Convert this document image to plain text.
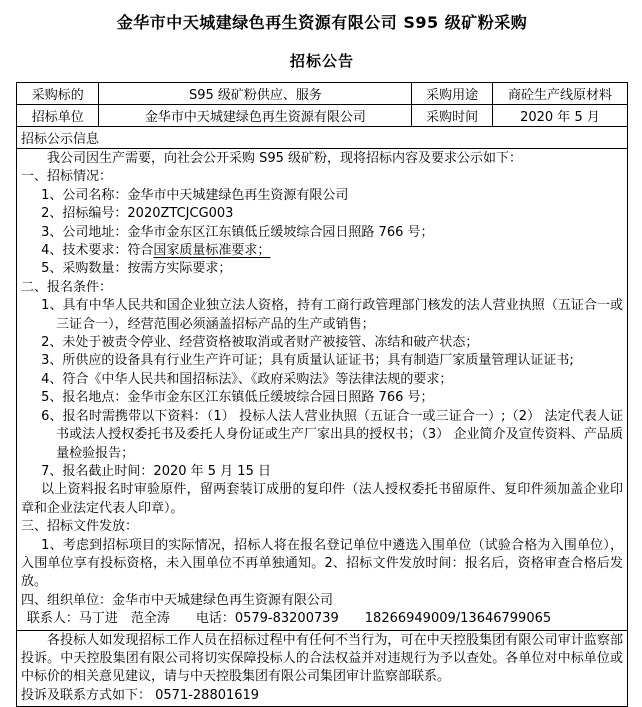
金华市中天城建绿色再生资源有限公司 S95 级矿粉采购
招标公告
采购标的	S95 级矿粉供应、服务	采购用途	商砼生产线原材料
招标单位	金华市中天城建绿色再生资源有限公司	采购时间	2020 年 5 月
招标公示信息			

我公司因生产需要，向社会公开采购 S95 级矿粉，现将招标内容及要求公示如下：

一、招标情况：

1、公司名称：金华市中天城建绿色再生资源有限公司

2、招标编号：2020ZTCJCG003

3、公司地址：金华市金东区江东镇低丘缓坡综合园日照路 766 号；

4、技术要求：符合国家质量标准要求；

5、采购数量：按需方实际要求；

二、报名条件：

1、具有中华人民共和国企业独立法人资格，持有工商行政管理部门核发的法人营业执照（五证合一或三证合一），经营范围必须涵盖招标产品的生产或销售；

2、未处于被责令停业、经营资格被取消或者财产被接管、冻结和破产状态；

3、所供应的设备具有行业生产许可证；具有质量认证证书；具有制造厂家质量管理认证证书;

4、符合《中华人民共和国招标法》、《政府采购法》等法律法规的要求；

5、报名地点：金华市金东区江东镇低丘缓坡综合园日照路 766 号；

6、报名时需携带以下资料：（1） 投标人法人营业执照（五证合一或三证合一）;（2） 法定代表人证书或法人授权委托书及委托人身份证或生产厂家出具的授权书；（3） 企业简介及宣传资料、产品质量检验报告；

7、报名截止时间：2020 年 5 月 15 日

以上资料报名时审验原件，留两套装订成册的复印件（法人授权委托书留原件、复印件须加盖企业印章和企业法定代表人印章）。

三、招标文件发放：

1、考虑到招标项目的实际情况，招标人将在报名登记单位中遴选入围单位（试验合格为入围单位），入围单位享有投标资格，未入围单位不再单独通知。2、招标文件发放时间：报名后，资格审查合格后发放。

四、组织单位：金华市中天城建绿色再生资源有限公司

联系人：马丁进　范全涛　　电话：0579-83200739　　18266949009/13646799065

各投标人如发现招标工作人员在招标过程中有任何不当行为，可在中天控股集团有限公司审计监察部投诉。中天控股集团有限公司将切实保障投标人的合法权益并对违规行为予以查处。各单位对中标单位或中标价的相关意见建议，请与中天控股集团有限公司集团审计监察部联系。

投诉及联系方式如下： 0571-28801619			
